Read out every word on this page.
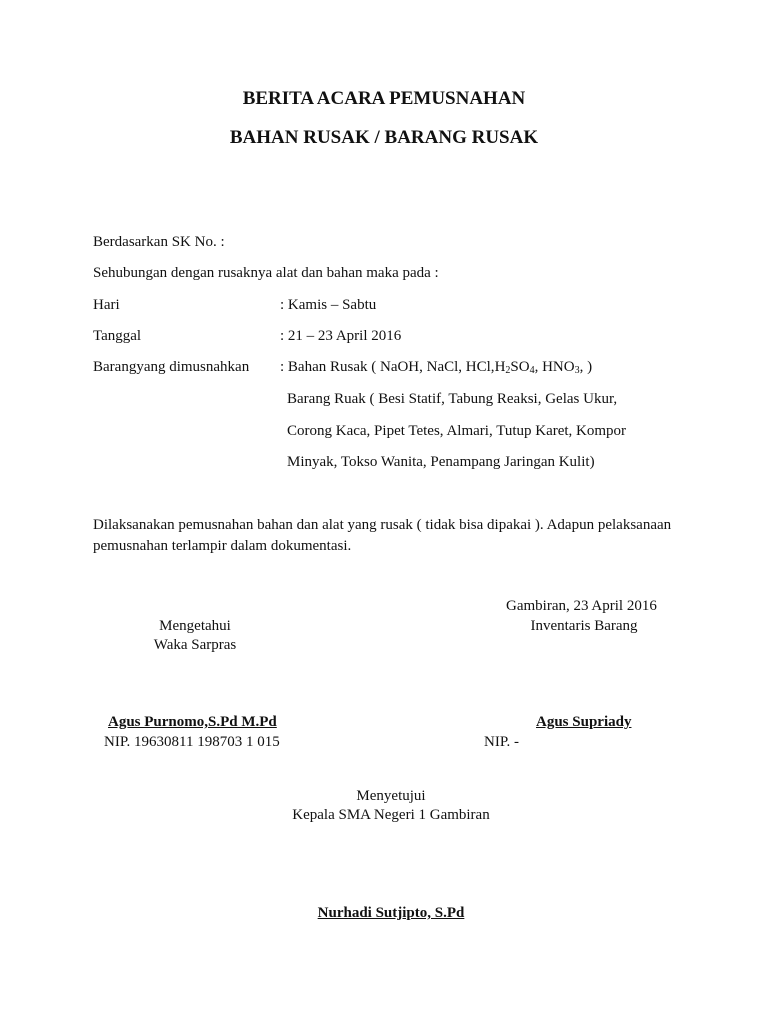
BERITA ACARA PEMUSNAHAN
BAHAN RUSAK / BARANG RUSAK
Berdasarkan SK No. :
Sehubungan dengan rusaknya alat dan bahan maka pada :
Hari	: Kamis – Sabtu
Tanggal	: 21 – 23 April 2016
Barangyang dimusnahkan : Bahan Rusak ( NaOH, NaCl, $HCl,H_2SO_4$, $HNO_3$, )
Barang Ruak ( Besi Statif, Tabung Reaksi, Gelas Ukur,
Corong Kaca, Pipet Tetes, Almari, Tutup Karet, Kompor
Minyak, Tokso Wanita, Penampang Jaringan Kulit)
Dilaksanakan pemusnahan bahan dan alat yang rusak ( tidak bisa dipakai ). Adapun pelaksanaan pemusnahan terlampir dalam dokumentasi.
Gambiran, 23 April 2016
Mengetahui
Waka Sarpras
Inventaris Barang
Agus Purnomo,S.Pd M.Pd
NIP. 19630811 198703 1 015
Agus Supriady
NIP. -
Menyetujui
Kepala SMA Negeri 1 Gambiran
Nurhadi Sutjipto, S.Pd
